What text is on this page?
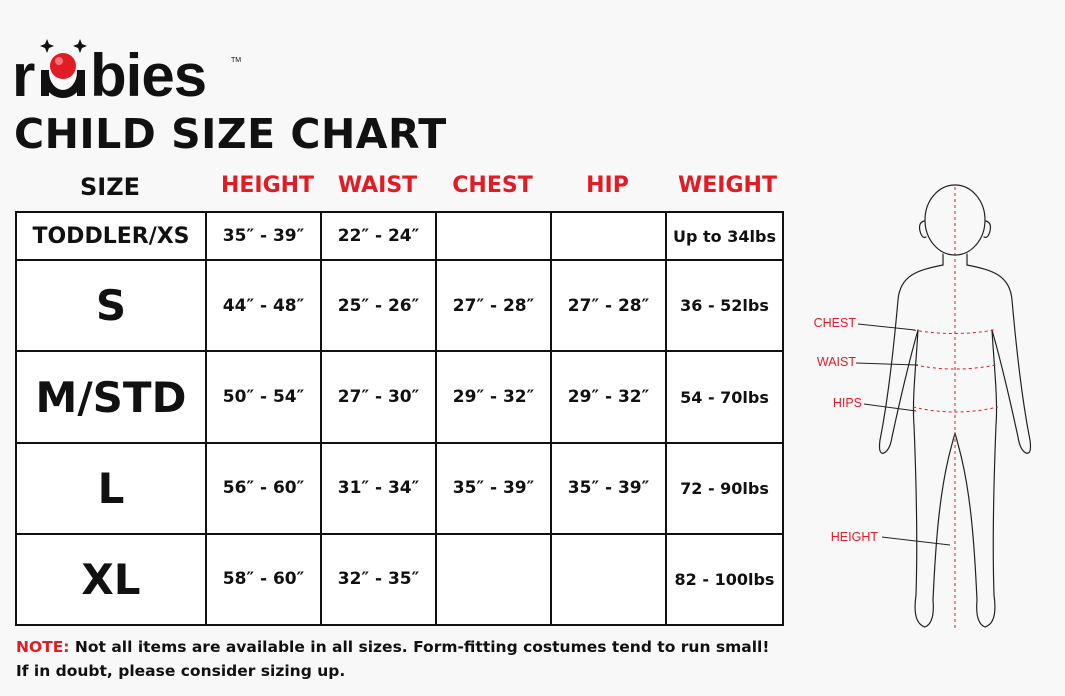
r bies	TM
CHILD SIZE CHART
SIZE	HEIGHT	WAIST	CHEST	HIP	WEIGHT
TODDLER/XS	35″ - 39″	22″ - 24″			Up to 34lbs
S	44″ - 48″	25″ - 26″	27″ - 28″	27″ - 28″	36 - 52lbs
M/STD	50″ - 54″	27″ - 30″	29″ - 32″	29″ - 32″	54 - 70lbs
L	56″ - 60″	31″ - 34″	35″ - 39″	35″ - 39″	72 - 90lbs
XL	58″ - 60″	32″ - 35″			82 - 100lbs
NOTE: Not all items are available in all sizes. Form-fitting costumes tend to run small!
If in doubt, please consider sizing up.
CHEST
WAIST
HIPS
HEIGHT
